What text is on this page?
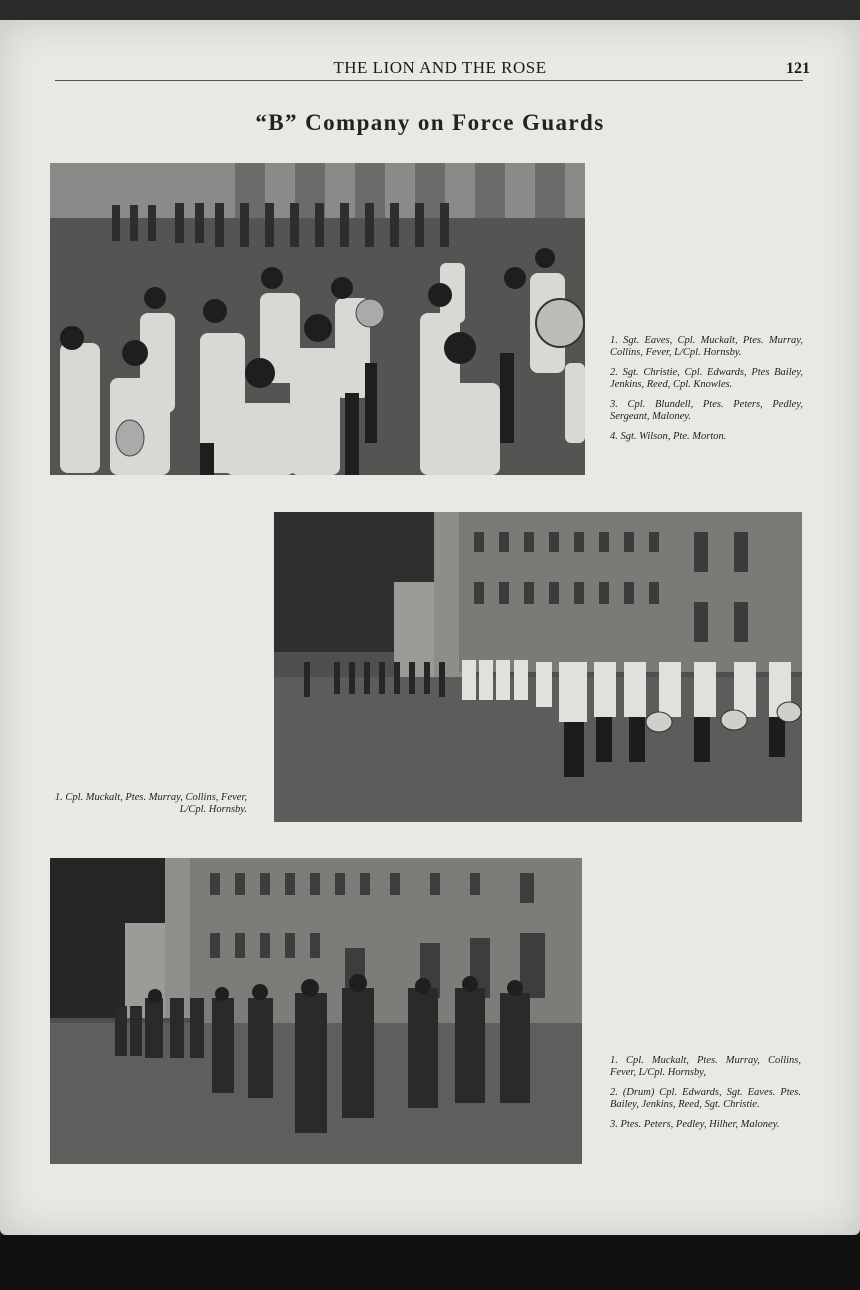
THE LION AND THE ROSE	121
“B” Company on Force Guards
1. Sgt. Eaves, Cpl. Muckalt, Ptes. Murray, Collins, Fever, L/Cpl. Hornsby.
2. Sgt. Christie, Cpl. Edwards, Ptes Bailey, Jenkins, Reed, Cpl. Knowles.
3. Cpl. Blundell, Ptes. Peters, Pedley, Sergeant, Maloney.
4. Sgt. Wilson, Pte. Morton.
1. Cpl. Muckalt, Ptes. Murray, Collins, Fever, L/Cpl. Hornsby.
1. Cpl. Muckalt, Ptes. Murray, Collins, Fever, L/Cpl. Hornsby,
2. (Drum) Cpl. Edwards, Sgt. Eaves. Ptes. Bailey, Jenkins, Reed, Sgt. Christie.
3. Ptes. Peters, Pedley, Hilher, Maloney.
